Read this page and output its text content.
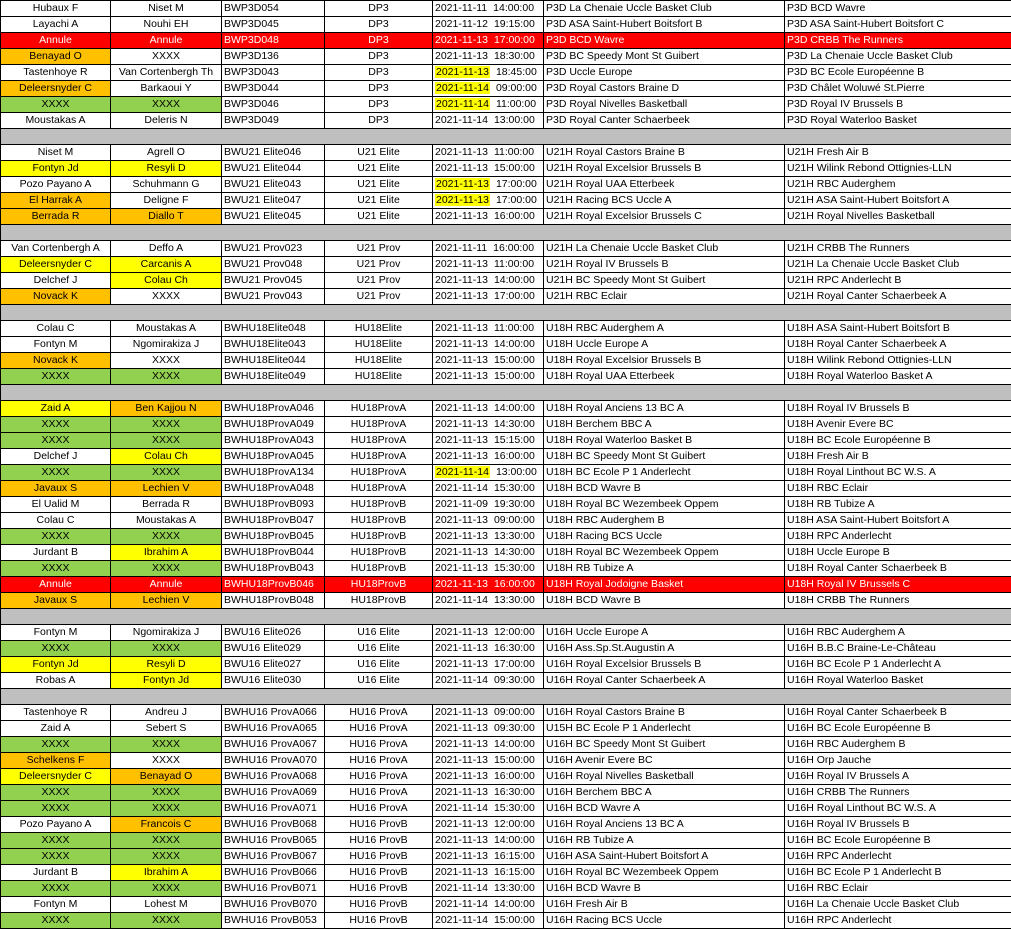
Hubaux F	Niset M	BWP3D054	DP3	2021-11-11 14:00:00	P3D La Chenaie Uccle Basket Club	P3D BCD Wavre
Layachi A	Nouhi EH	BWP3D045	DP3	2021-11-12 19:15:00	P3D ASA Saint-Hubert Boitsfort B	P3D ASA Saint-Hubert Boitsfort C
Annule	Annule	BWP3D048	DP3	2021-11-13 17:00:00	P3D BCD Wavre	P3D CRBB The Runners
Benayad O	XXXX	BWP3D136	DP3	2021-11-13 18:30:00	P3D BC Speedy Mont St Guibert	P3D La Chenaie Uccle Basket Club
Tastenhoye R	Van Cortenbergh Th	BWP3D043	DP3	2021-11-13 18:45:00	P3D Uccle Europe	P3D BC Ecole Européenne B
Deleersnyder C	Barkaoui Y	BWP3D044	DP3	2021-11-14 09:00:00	P3D Royal Castors Braine D	P3D Châlet Woluwé St.Pierre
XXXX	XXXX	BWP3D046	DP3	2021-11-14 11:00:00	P3D Royal Nivelles Basketball	P3D Royal IV Brussels B
Moustakas A	Deleris N	BWP3D049	DP3	2021-11-14 13:00:00	P3D Royal Canter Schaerbeek	P3D Royal Waterloo Basket

Niset M	Agrell O	BWU21 Elite046	U21 Elite	2021-11-13 11:00:00	U21H Royal Castors Braine B	U21H Fresh Air B
Fontyn Jd	Resyli D	BWU21 Elite044	U21 Elite	2021-11-13 15:00:00	U21H Royal Excelsior Brussels B	U21H Wilink Rebond Ottignies-LLN
Pozo Payano A	Schuhmann G	BWU21 Elite043	U21 Elite	2021-11-13 17:00:00	U21H Royal UAA Etterbeek	U21H RBC Auderghem
El Harrak A	Deligne F	BWU21 Elite047	U21 Elite	2021-11-13 17:00:00	U21H Racing BCS Uccle A	U21H ASA Saint-Hubert Boitsfort A
Berrada R	Diallo T	BWU21 Elite045	U21 Elite	2021-11-13 16:00:00	U21H Royal Excelsior Brussels C	U21H Royal Nivelles Basketball

Van Cortenbergh A	Deffo A	BWU21 Prov023	U21 Prov	2021-11-11 16:00:00	U21H La Chenaie Uccle Basket Club	U21H CRBB The Runners
Deleersnyder C	Carcanis A	BWU21 Prov048	U21 Prov	2021-11-13 11:00:00	U21H Royal IV Brussels B	U21H La Chenaie Uccle Basket Club
Delchef J	Colau Ch	BWU21 Prov045	U21 Prov	2021-11-13 14:00:00	U21H BC Speedy Mont St Guibert	U21H RPC Anderlecht B
Novack K	XXXX	BWU21 Prov043	U21 Prov	2021-11-13 17:00:00	U21H RBC Eclair	U21H Royal Canter Schaerbeek A

Colau C	Moustakas A	BWHU18Elite048	HU18Elite	2021-11-13 11:00:00	U18H RBC Auderghem A	U18H ASA Saint-Hubert Boitsfort B
Fontyn M	Ngomirakiza J	BWHU18Elite043	HU18Elite	2021-11-13 14:00:00	U18H Uccle Europe A	U18H Royal Canter Schaerbeek A
Novack K	XXXX	BWHU18Elite044	HU18Elite	2021-11-13 15:00:00	U18H Royal Excelsior Brussels B	U18H Wilink Rebond Ottignies-LLN
XXXX	XXXX	BWHU18Elite049	HU18Elite	2021-11-13 15:00:00	U18H Royal UAA Etterbeek	U18H Royal Waterloo Basket A

Zaid A	Ben Kajjou N	BWHU18ProvA046	HU18ProvA	2021-11-13 14:00:00	U18H Royal Anciens 13 BC A	U18H Royal IV Brussels B
XXXX	XXXX	BWHU18ProvA049	HU18ProvA	2021-11-13 14:30:00	U18H Berchem BBC A	U18H Avenir Evere BC
XXXX	XXXX	BWHU18ProvA043	HU18ProvA	2021-11-13 15:15:00	U18H Royal Waterloo Basket B	U18H BC Ecole Européenne B
Delchef J	Colau Ch	BWHU18ProvA045	HU18ProvA	2021-11-13 16:00:00	U18H BC Speedy Mont St Guibert	U18H Fresh Air B
XXXX	XXXX	BWHU18ProvA134	HU18ProvA	2021-11-14 13:00:00	U18H BC Ecole P 1 Anderlecht	U18H Royal Linthout BC W.S. A
Javaux S	Lechien V	BWHU18ProvA048	HU18ProvA	2021-11-14 15:30:00	U18H BCD Wavre B	U18H RBC Eclair
El Ualid M	Berrada R	BWHU18ProvB093	HU18ProvB	2021-11-09 19:30:00	U18H Royal BC Wezembeek Oppem	U18H RB Tubize A
Colau C	Moustakas A	BWHU18ProvB047	HU18ProvB	2021-11-13 09:00:00	U18H RBC Auderghem B	U18H ASA Saint-Hubert Boitsfort A
XXXX	XXXX	BWHU18ProvB045	HU18ProvB	2021-11-13 13:30:00	U18H Racing BCS Uccle	U18H RPC Anderlecht
Jurdant B	Ibrahim A	BWHU18ProvB044	HU18ProvB	2021-11-13 14:30:00	U18H Royal BC Wezembeek Oppem	U18H Uccle Europe B
XXXX	XXXX	BWHU18ProvB043	HU18ProvB	2021-11-13 15:30:00	U18H RB Tubize A	U18H Royal Canter Schaerbeek B
Annule	Annule	BWHU18ProvB046	HU18ProvB	2021-11-13 16:00:00	U18H Royal Jodoigne Basket	U18H Royal IV Brussels C
Javaux S	Lechien V	BWHU18ProvB048	HU18ProvB	2021-11-14 13:30:00	U18H BCD Wavre B	U18H CRBB The Runners

Fontyn M	Ngomirakiza J	BWU16 Elite026	U16 Elite	2021-11-13 12:00:00	U16H Uccle Europe A	U16H RBC Auderghem A
XXXX	XXXX	BWU16 Elite029	U16 Elite	2021-11-13 16:30:00	U16H Ass.Sp.St.Augustin A	U16H B.B.C Braine-Le-Château
Fontyn Jd	Resyli D	BWU16 Elite027	U16 Elite	2021-11-13 17:00:00	U16H Royal Excelsior Brussels B	U16H BC Ecole P 1 Anderlecht A
Robas A	Fontyn Jd	BWU16 Elite030	U16 Elite	2021-11-14 09:30:00	U16H Royal Canter Schaerbeek A	U16H Royal Waterloo Basket

Tastenhoye R	Andreu J	BWHU16 ProvA066	HU16 ProvA	2021-11-13 09:00:00	U16H Royal Castors Braine B	U16H Royal Canter Schaerbeek B
Zaid A	Sebert S	BWHU16 ProvA065	HU16 ProvA	2021-11-13 09:30:00	U15H BC Ecole P 1 Anderlecht	U16H BC Ecole Européenne B
XXXX	XXXX	BWHU16 ProvA067	HU16 ProvA	2021-11-13 14:00:00	U16H BC Speedy Mont St Guibert	U16H RBC Auderghem B
Schelkens F	XXXX	BWHU16 ProvA070	HU16 ProvA	2021-11-13 15:00:00	U16H Avenir Evere BC	U16H Orp Jauche
Deleersnyder C	Benayad O	BWHU16 ProvA068	HU16 ProvA	2021-11-13 16:00:00	U16H Royal Nivelles Basketball	U16H Royal IV Brussels A
XXXX	XXXX	BWHU16 ProvA069	HU16 ProvA	2021-11-13 16:30:00	U16H Berchem BBC A	U16H CRBB The Runners
XXXX	XXXX	BWHU16 ProvA071	HU16 ProvA	2021-11-14 15:30:00	U16H BCD Wavre A	U16H Royal Linthout BC W.S. A
Pozo Payano A	Francois C	BWHU16 ProvB068	HU16 ProvB	2021-11-13 12:00:00	U16H Royal Anciens 13 BC A	U16H Royal IV Brussels B
XXXX	XXXX	BWHU16 ProvB065	HU16 ProvB	2021-11-13 14:00:00	U16H RB Tubize A	U16H BC Ecole Européenne B
XXXX	XXXX	BWHU16 ProvB067	HU16 ProvB	2021-11-13 16:15:00	U16H ASA Saint-Hubert Boitsfort A	U16H RPC Anderlecht
Jurdant B	Ibrahim A	BWHU16 ProvB066	HU16 ProvB	2021-11-13 16:15:00	U16H Royal BC Wezembeek Oppem	U16H BC Ecole P 1 Anderlecht B
XXXX	XXXX	BWHU16 ProvB071	HU16 ProvB	2021-11-14 13:30:00	U16H BCD Wavre B	U16H RBC Eclair
Fontyn M	Lohest M	BWHU16 ProvB070	HU16 ProvB	2021-11-14 14:00:00	U16H Fresh Air B	U16H La Chenaie Uccle Basket Club
XXXX	XXXX	BWHU16 ProvB053	HU16 ProvB	2021-11-14 15:00:00	U16H Racing BCS Uccle	U16H RPC Anderlecht
